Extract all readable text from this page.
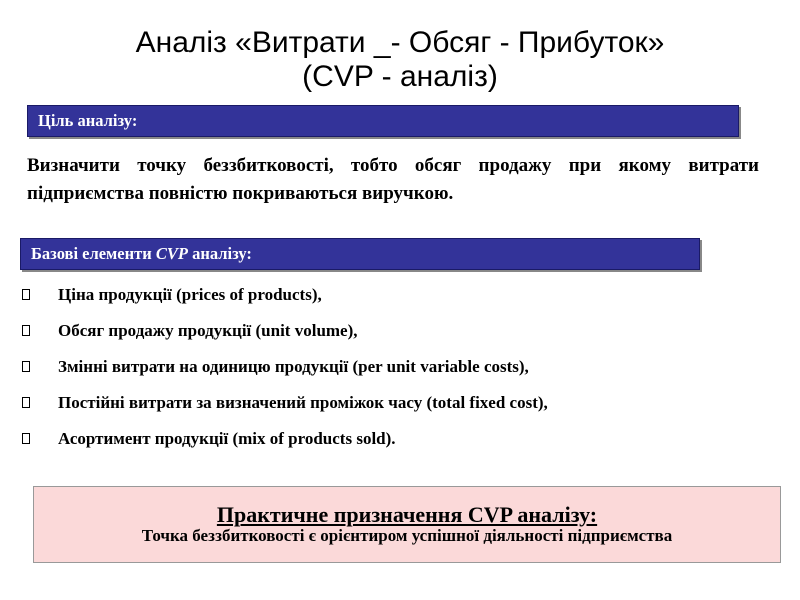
Аналіз «Витрати _- Обсяг - Прибуток»
(CVP - аналіз)
Ціль аналізу:
Визначити точку беззбитковості, тобто обсяг продажу при якому витрати підприємства повністю покриваються виручкою.
Базові елементи CVP аналізу:
Ціна продукції (prices of products),
Обсяг продажу продукції (unit volume),
Змінні витрати на одиницю продукції (per unit variable costs),
Постійні витрати за визначений проміжок часу (total fixed cost),
Асортимент продукції (mix of products sold).
Практичне призначення CVP аналізу:
Точка беззбитковості є орієнтиром успішної діяльності підприємства
